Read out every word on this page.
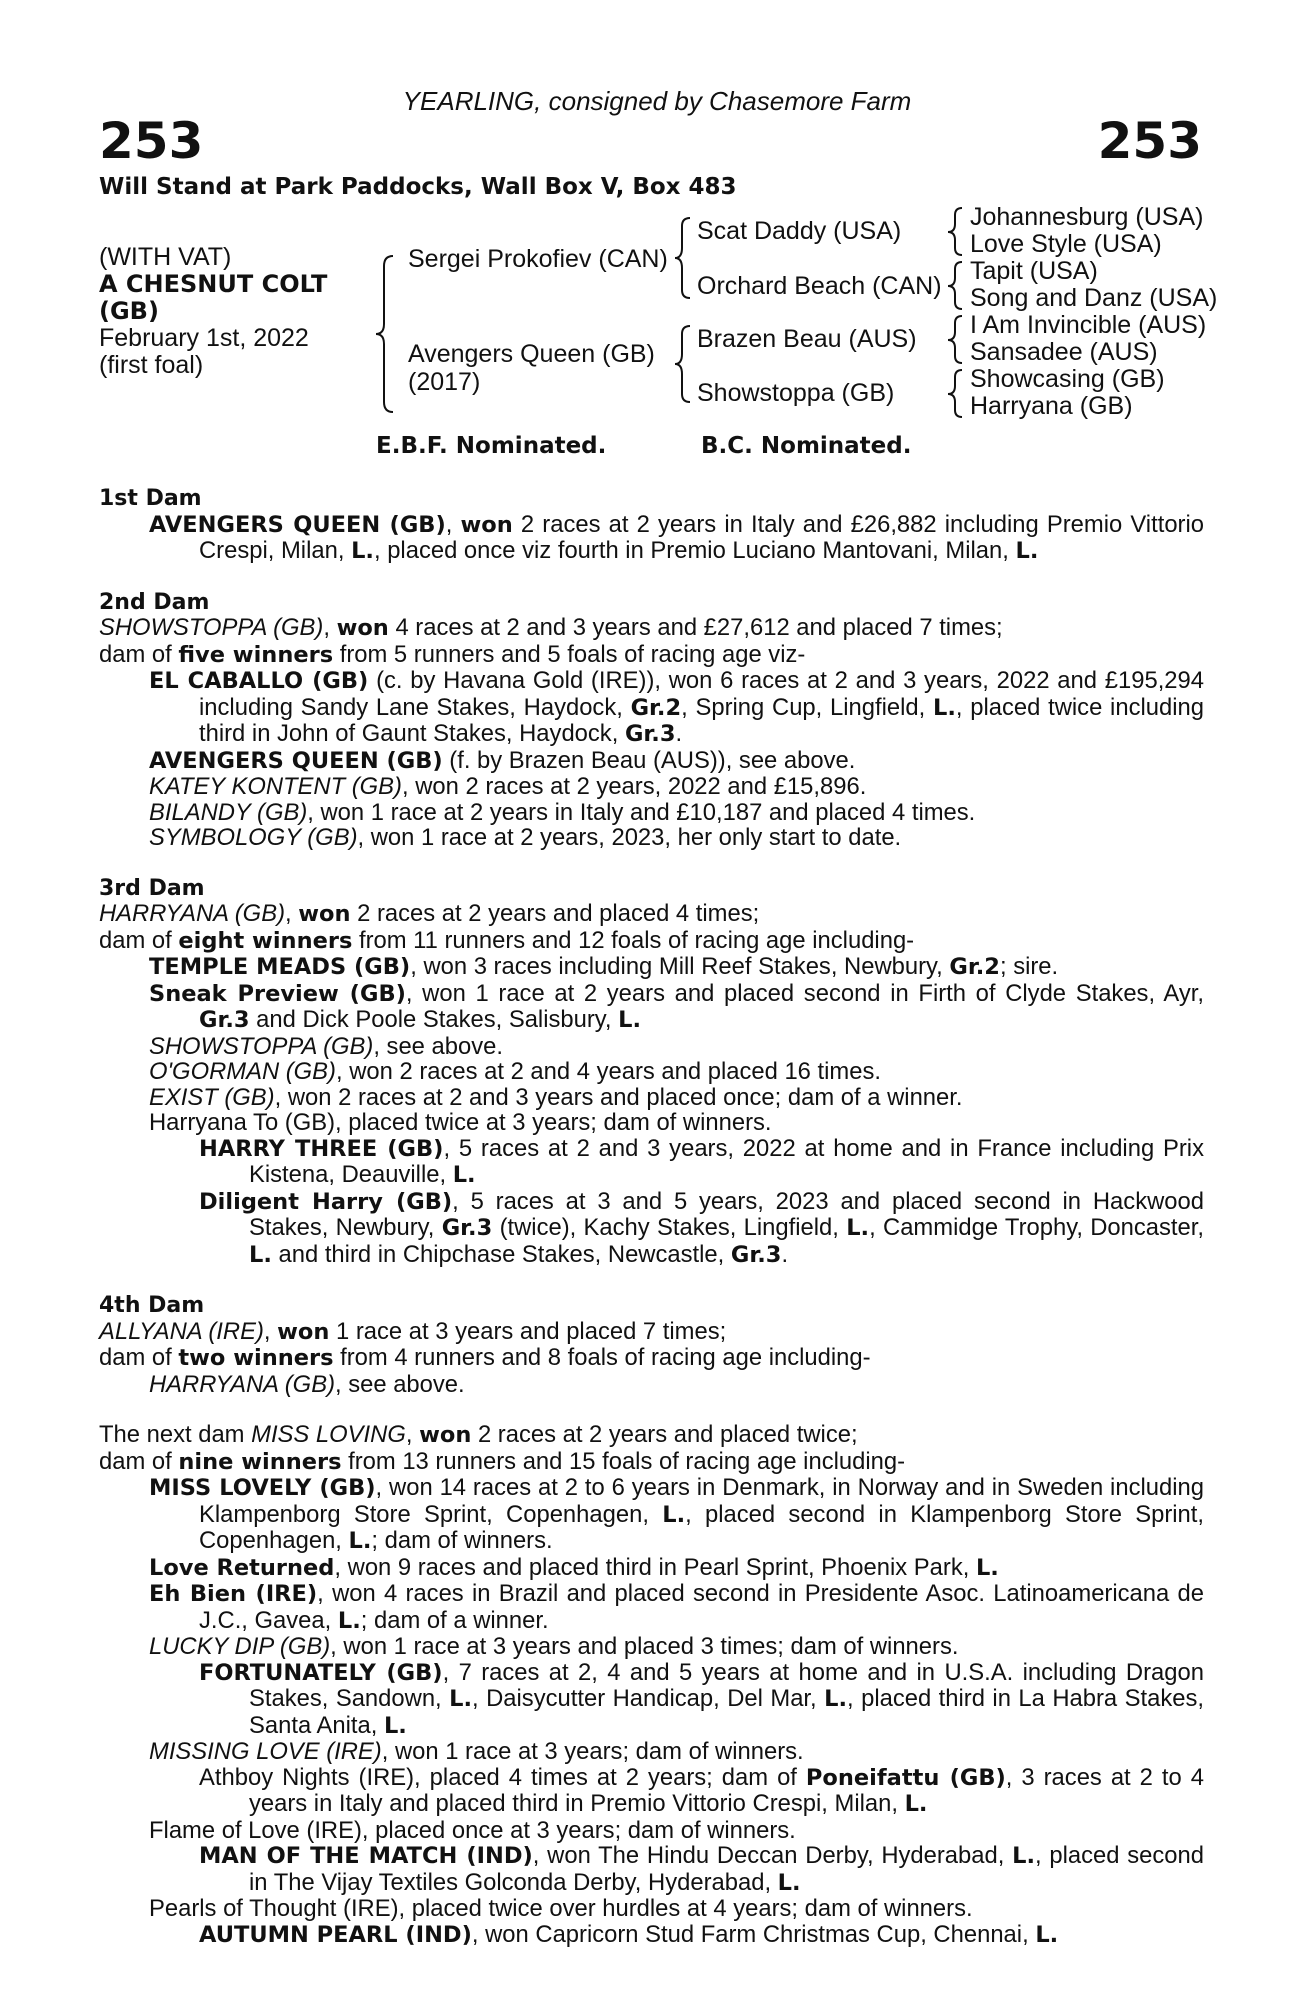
YEARLING, consigned by Chasemore Farm
253	253
Will Stand at Park Paddocks, Wall Box V, Box 483
(WITH VAT)
A CHESNUT COLT
(GB)
February 1st, 2022
(first foal)
Sergei Prokofiev (CAN)
Avengers Queen (GB)
(2017)
Scat Daddy (USA)
Orchard Beach (CAN)
Brazen Beau (AUS)
Showstoppa (GB)
Johannesburg (USA)
Love Style (USA)
Tapit (USA)
Song and Danz (USA)
I Am Invincible (AUS)
Sansadee (AUS)
Showcasing (GB)
Harryana (GB)
E.B.F. Nominated.	B.C. Nominated.
1st Dam
AVENGERS QUEEN (GB), won 2 races at 2 years in Italy and £26,882 including Premio Vittorio Crespi, Milan, L., placed once viz fourth in Premio Luciano Mantovani, Milan, L.
2nd Dam
SHOWSTOPPA (GB), won 4 races at 2 and 3 years and £27,612 and placed 7 times;
dam of five winners from 5 runners and 5 foals of racing age viz-
EL CABALLO (GB) (c. by Havana Gold (IRE)), won 6 races at 2 and 3 years, 2022 and £195,294 including Sandy Lane Stakes, Haydock, Gr.2, Spring Cup, Lingfield, L., placed twice including third in John of Gaunt Stakes, Haydock, Gr.3.
AVENGERS QUEEN (GB) (f. by Brazen Beau (AUS)), see above.
KATEY KONTENT (GB), won 2 races at 2 years, 2022 and £15,896.
BILANDY (GB), won 1 race at 2 years in Italy and £10,187 and placed 4 times.
SYMBOLOGY (GB), won 1 race at 2 years, 2023, her only start to date.
3rd Dam
HARRYANA (GB), won 2 races at 2 years and placed 4 times;
dam of eight winners from 11 runners and 12 foals of racing age including-
TEMPLE MEADS (GB), won 3 races including Mill Reef Stakes, Newbury, Gr.2; sire.
Sneak Preview (GB), won 1 race at 2 years and placed second in Firth of Clyde Stakes, Ayr, Gr.3 and Dick Poole Stakes, Salisbury, L.
SHOWSTOPPA (GB), see above.
O'GORMAN (GB), won 2 races at 2 and 4 years and placed 16 times.
EXIST (GB), won 2 races at 2 and 3 years and placed once; dam of a winner.
Harryana To (GB), placed twice at 3 years; dam of winners.
HARRY THREE (GB), 5 races at 2 and 3 years, 2022 at home and in France including Prix Kistena, Deauville, L.
Diligent Harry (GB), 5 races at 3 and 5 years, 2023 and placed second in Hackwood Stakes, Newbury, Gr.3 (twice), Kachy Stakes, Lingfield, L., Cammidge Trophy, Doncaster, L. and third in Chipchase Stakes, Newcastle, Gr.3.
4th Dam
ALLYANA (IRE), won 1 race at 3 years and placed 7 times;
dam of two winners from 4 runners and 8 foals of racing age including-
HARRYANA (GB), see above.
The next dam MISS LOVING, won 2 races at 2 years and placed twice;
dam of nine winners from 13 runners and 15 foals of racing age including-
MISS LOVELY (GB), won 14 races at 2 to 6 years in Denmark, in Norway and in Sweden including Klampenborg Store Sprint, Copenhagen, L., placed second in Klampenborg Store Sprint, Copenhagen, L.; dam of winners.
Love Returned, won 9 races and placed third in Pearl Sprint, Phoenix Park, L.
Eh Bien (IRE), won 4 races in Brazil and placed second in Presidente Asoc. Latinoamericana de J.C., Gavea, L.; dam of a winner.
LUCKY DIP (GB), won 1 race at 3 years and placed 3 times; dam of winners.
FORTUNATELY (GB), 7 races at 2, 4 and 5 years at home and in U.S.A. including Dragon Stakes, Sandown, L., Daisycutter Handicap, Del Mar, L., placed third in La Habra Stakes, Santa Anita, L.
MISSING LOVE (IRE), won 1 race at 3 years; dam of winners.
Athboy Nights (IRE), placed 4 times at 2 years; dam of Poneifattu (GB), 3 races at 2 to 4 years in Italy and placed third in Premio Vittorio Crespi, Milan, L.
Flame of Love (IRE), placed once at 3 years; dam of winners.
MAN OF THE MATCH (IND), won The Hindu Deccan Derby, Hyderabad, L., placed second in The Vijay Textiles Golconda Derby, Hyderabad, L.
Pearls of Thought (IRE), placed twice over hurdles at 4 years; dam of winners.
AUTUMN PEARL (IND), won Capricorn Stud Farm Christmas Cup, Chennai, L.
